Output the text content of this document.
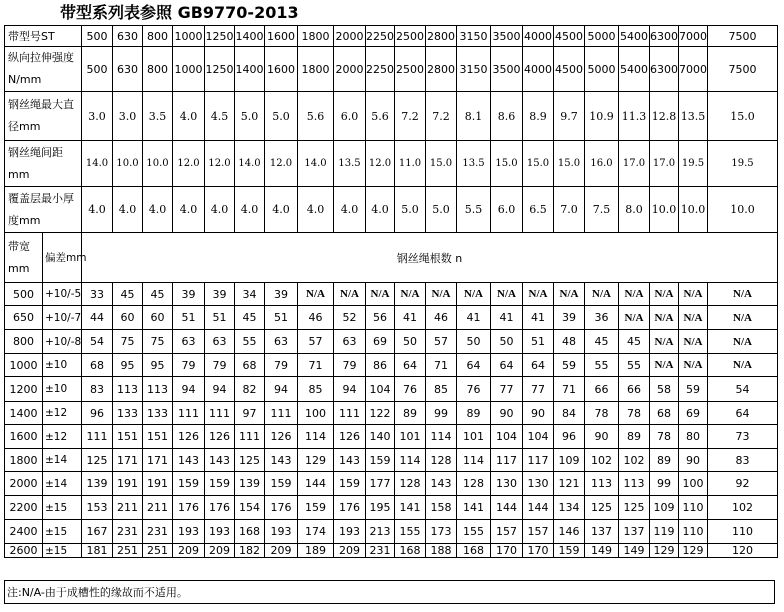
带型系列表参照 GB9770-2013
带型号ST		500	630	800	1000	1250	1400	1600	1800	2000	2250	2500	2800	3150	3500	4000	4500	5000	5400	6300	7000	7500
纵向拉伸强度N/mm		500	630	800	1000	1250	1400	1600	1800	2000	2250	2500	2800	3150	3500	4000	4500	5000	5400	6300	7000	7500
钢丝绳最大直径mm		3.0	3.0	3.5	4.0	4.5	5.0	5.0	5.6	6.0	5.6	7.2	7.2	8.1	8.6	8.9	9.7	10.9	11.3	12.8	13.5	15.0
钢丝绳间距mm		14.0	10.0	10.0	12.0	12.0	14.0	12.0	14.0	13.5	12.0	11.0	15.0	13.5	15.0	15.0	15.0	16.0	17.0	17.0	19.5	19.5
覆盖层最小厚度mm		4.0	4.0	4.0	4.0	4.0	4.0	4.0	4.0	4.0	4.0	5.0	5.0	5.5	6.0	6.5	7.0	7.5	8.0	10.0	10.0	10.0
带宽mm	偏差mm	钢丝绳根数 n																				
500	+10/-5	33	45	45	39	39	34	39	N/A	N/A	N/A	N/A	N/A	N/A	N/A	N/A	N/A	N/A	N/A	N/A	N/A	N/A
650	+10/-7	44	60	60	51	51	45	51	46	52	56	41	46	41	41	41	39	36	N/A	N/A	N/A	N/A
800	+10/-8	54	75	75	63	63	55	63	57	63	69	50	57	50	50	51	48	45	45	N/A	N/A	N/A
1000	±10	68	95	95	79	79	68	79	71	79	86	64	71	64	64	64	59	55	55	N/A	N/A	N/A
1200	±10	83	113	113	94	94	82	94	85	94	104	76	85	76	77	77	71	66	66	58	59	54
1400	±12	96	133	133	111	111	97	111	100	111	122	89	99	89	90	90	84	78	78	68	69	64
1600	±12	111	151	151	126	126	111	126	114	126	140	101	114	101	104	104	96	90	89	78	80	73
1800	±14	125	171	171	143	143	125	143	129	143	159	114	128	114	117	117	109	102	102	89	90	83
2000	±14	139	191	191	159	159	139	159	144	159	177	128	143	128	130	130	121	113	113	99	100	92
2200	±15	153	211	211	176	176	154	176	159	176	195	141	158	141	144	144	134	125	125	109	110	102
2400	±15	167	231	231	193	193	168	193	174	193	213	155	173	155	157	157	146	137	137	119	110	110
2600	±15	181	251	251	209	209	182	209	189	209	231	168	188	168	170	170	159	149	149	129	129	120
注:N/A-由于成槽性的缘故而不适用。
